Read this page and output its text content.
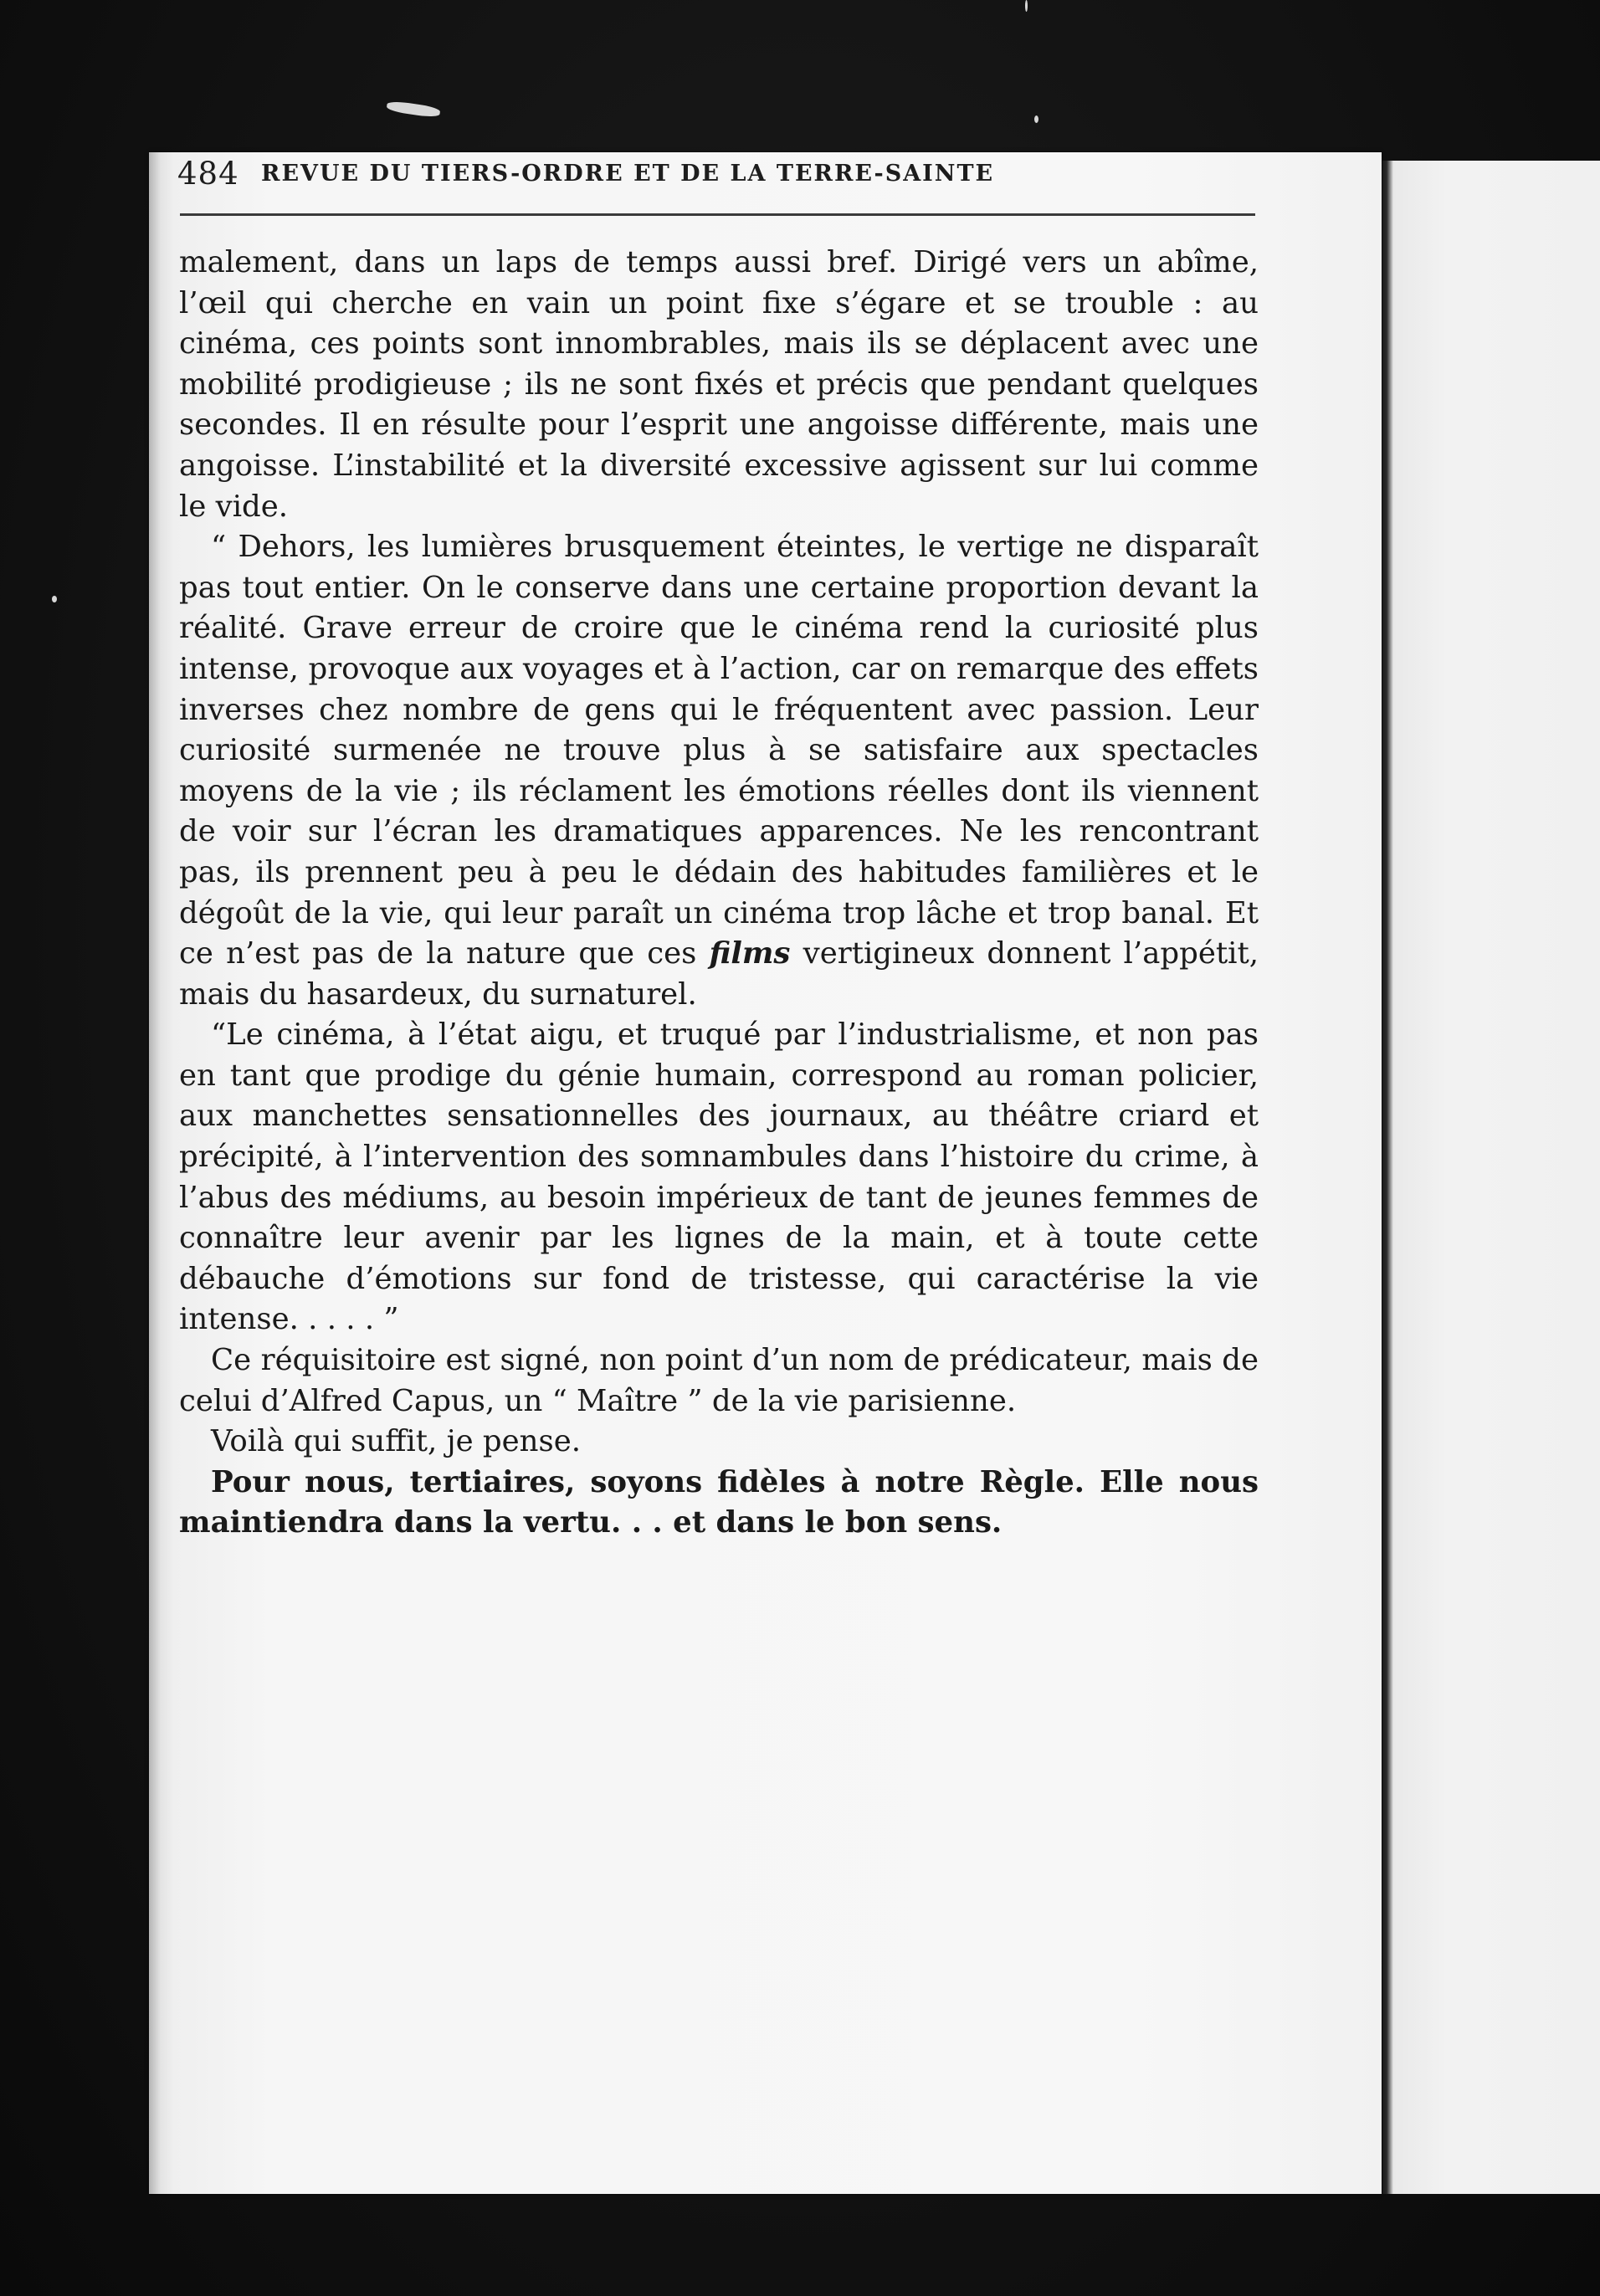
484 REVUE DU TIERS-ORDRE ET DE LA TERRE-SAINTE

malement, dans un laps de temps aussi bref. Dirigé vers un abîme, l’œil qui cherche en vain un point fixe s’égare et se trouble : au cinéma, ces points sont innombrables, mais ils se déplacent avec une mobilité prodigieuse ; ils ne sont fixés et précis que pendant quelques secondes. Il en résulte pour l’esprit une angoisse différente, mais une angoisse. L’instabilité et la diversité excessive agissent sur lui comme le vide.

“ Dehors, les lumières brusquement éteintes, le vertige ne disparaît pas tout entier. On le conserve dans une certaine proportion devant la réalité. Grave erreur de croire que le cinéma rend la curiosité plus intense, provoque aux voyages et à l’action, car on remarque des effets inverses chez nombre de gens qui le fréquentent avec passion. Leur curiosité surmenée ne trouve plus à se satisfaire aux spectacles moyens de la vie ; ils réclament les émotions réelles dont ils viennent de voir sur l’écran les dramatiques apparences. Ne les rencontrant pas, ils prennent peu à peu le dédain des habitudes familières et le dégoût de la vie, qui leur paraît un cinéma trop lâche et trop banal. Et ce n’est pas de la nature que ces films vertigineux donnent l’appétit, mais du hasardeux, du surnaturel.

“Le cinéma, à l’état aigu, et truqué par l’industrialisme, et non pas en tant que prodige du génie humain, correspond au roman policier, aux manchettes sensationnelles des journaux, au théâtre criard et précipité, à l’intervention des somnambules dans l’histoire du crime, à l’abus des médiums, au besoin impérieux de tant de jeunes femmes de connaître leur avenir par les lignes de la main, et à toute cette débauche d’émotions sur fond de tristesse, qui caractérise la vie intense. . . . . ”

Ce réquisitoire est signé, non point d’un nom de prédicateur, mais de celui d’Alfred Capus, un “ Maître ” de la vie parisienne.

Voilà qui suffit, je pense.

Pour nous, tertiaires, soyons fidèles à notre Règle. Elle nous maintiendra dans la vertu. . . et dans le bon sens.
